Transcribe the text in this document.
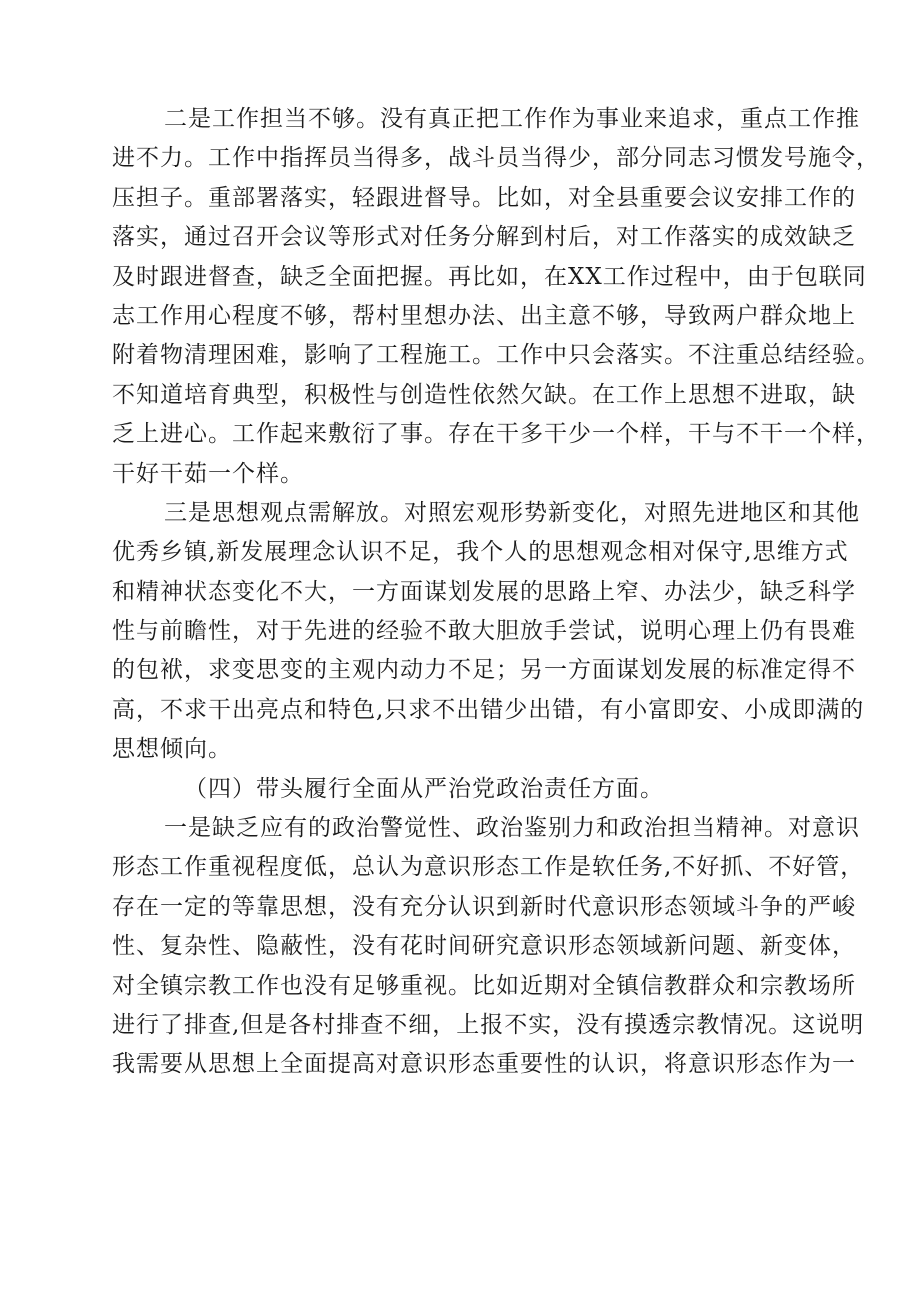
二是工作担当不够。没有真正把工作作为事业来追求，重点工作推
进不力。工作中指挥员当得多，战斗员当得少，部分同志习惯发号施令，
压担子。重部署落实，轻跟进督导。比如，对全县重要会议安排工作的
落实，通过召开会议等形式对任务分解到村后，对工作落实的成效缺乏
及时跟进督查，缺乏全面把握。再比如，在XX工作过程中，由于包联同
志工作用心程度不够，帮村里想办法、出主意不够，导致两户群众地上
附着物清理困难，影响了工程施工。工作中只会落实。不注重总结经验。
不知道培育典型，积极性与创造性依然欠缺。在工作上思想不进取，缺
乏上进心。工作起来敷衍了事。存在干多干少一个样，干与不干一个样，
干好干茹一个样。
三是思想观点需解放。对照宏观形势新变化，对照先进地区和其他
优秀乡镇,新发展理念认识不足，我个人的思想观念相对保守,思维方式
和精神状态变化不大，一方面谋划发展的思路上窄、办法少，缺乏科学
性与前瞻性，对于先进的经验不敢大胆放手尝试，说明心理上仍有畏难
的包袱，求变思变的主观内动力不足；另一方面谋划发展的标准定得不
高，不求干出亮点和特色,只求不出错少出错，有小富即安、小成即满的
思想倾向。
（四）带头履行全面从严治党政治责任方面。
一是缺乏应有的政治警觉性、政治鉴别力和政治担当精神。对意识
形态工作重视程度低，总认为意识形态工作是软任务,不好抓、不好管，
存在一定的等靠思想，没有充分认识到新时代意识形态领域斗争的严峻
性、复杂性、隐蔽性，没有花时间研究意识形态领域新问题、新变体，
对全镇宗教工作也没有足够重视。比如近期对全镇信教群众和宗教场所
进行了排查,但是各村排查不细，上报不实，没有摸透宗教情况。这说明
我需要从思想上全面提高对意识形态重要性的认识，将意识形态作为一
